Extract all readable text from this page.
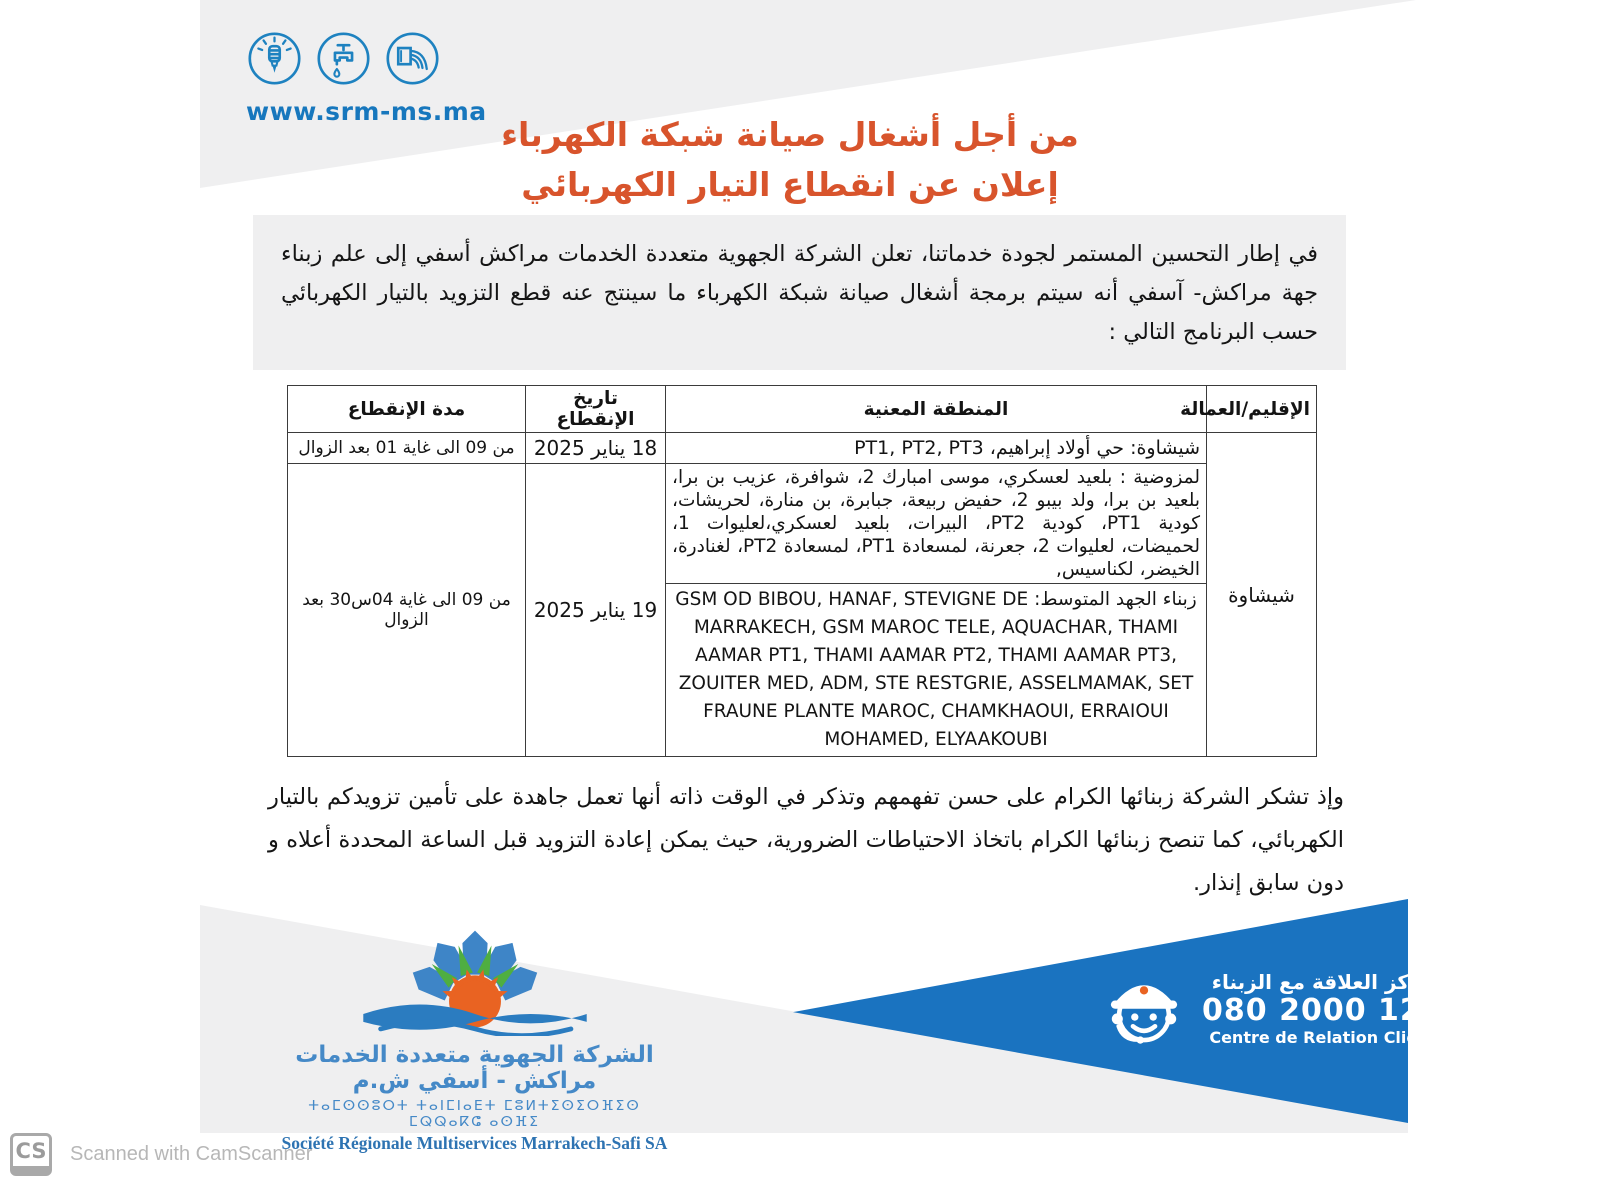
www.srm-ms.ma
من أجل أشغال صيانة شبكة الكهرباء
إعلان عن انقطاع التيار الكهربائي
في إطار التحسين المستمر لجودة خدماتنا، تعلن الشركة الجهوية متعددة الخدمات مراكش أسفي إلى علم زبناء جهة مراكش- آسفي أنه سيتم برمجة أشغال صيانة شبكة الكهرباء ما سينتج عنه قطع التزويد بالتيار الكهربائي حسب البرنامج التالي :
الإقليم/العمالة	المنطقة المعنية	تاريخ الإنقطاع	مدة الإنقطاع
شيشاوة	شيشاوة: حي أولاد إبراهيم، PT1, PT2, PT3	18 يناير 2025	من 09 الى غاية 01 بعد الزوال
	لمزوضية : بلعيد لعسكري، موسى امبارك 2، شوافرة، عزيب بن برا، بلعيد بن برا، ولد بيبو 2، حفيض ربيعة، جبابرة، بن منارة، لحريشات، كودية PT1، كودية PT2، البيرات، بلعيد لعسكري،لعليوات 1، لحميضات، لعليوات 2، جعرنة، لمسعادة PT1، لمسعادة PT2، لغنادرة، الخيضر، لكناسيس,	19 يناير 2025	من 09 الى غاية 04س30 بعد الزوال
	زبناء الجهد المتوسط: GSM OD BIBOU, HANAF, STEVIGNE DE MARRAKECH, GSM MAROC TELE, AQUACHAR, THAMI AAMAR PT1, THAMI AAMAR PT2, THAMI AAMAR PT3, ZOUITER MED, ADM, STE RESTGRIE, ASSELMAMAK, SET FRAUNE PLANTE MAROC, CHAMKHAOUI, ERRAIOUI MOHAMED, ELYAAKOUBI		
وإذ تشكر الشركة زبنائها الكرام على حسن تفهمهم وتذكر في الوقت ذاته أنها تعمل جاهدة على تأمين تزويدكم بالتيار الكهربائي، كما تنصح زبنائها الكرام باتخاذ الاحتياطات الضرورية، حيث يمكن إعادة التزويد قبل الساعة المحددة أعلاه و دون سابق إنذار.
الشركة الجهوية متعددة الخدمات مراكش - أسفي ش.م
ⵜⴰⵎⵙⵙⵓⵔⵜ ⵜⴰⵏⵎⵏⴰⴹⵜ ⵎⵓⵍⵜⵉⵙⵉⵔⴼⵉⵙ ⵎⵕⵕⴰⴽⵛ ⴰⵙⴼⵉ
Société Régionale Multiservices Marrakech-Safi SA
مركز العلاقة مع الزبناء
080 2000 123
Centre de Relation Client
CS Scanned with CamScanner
